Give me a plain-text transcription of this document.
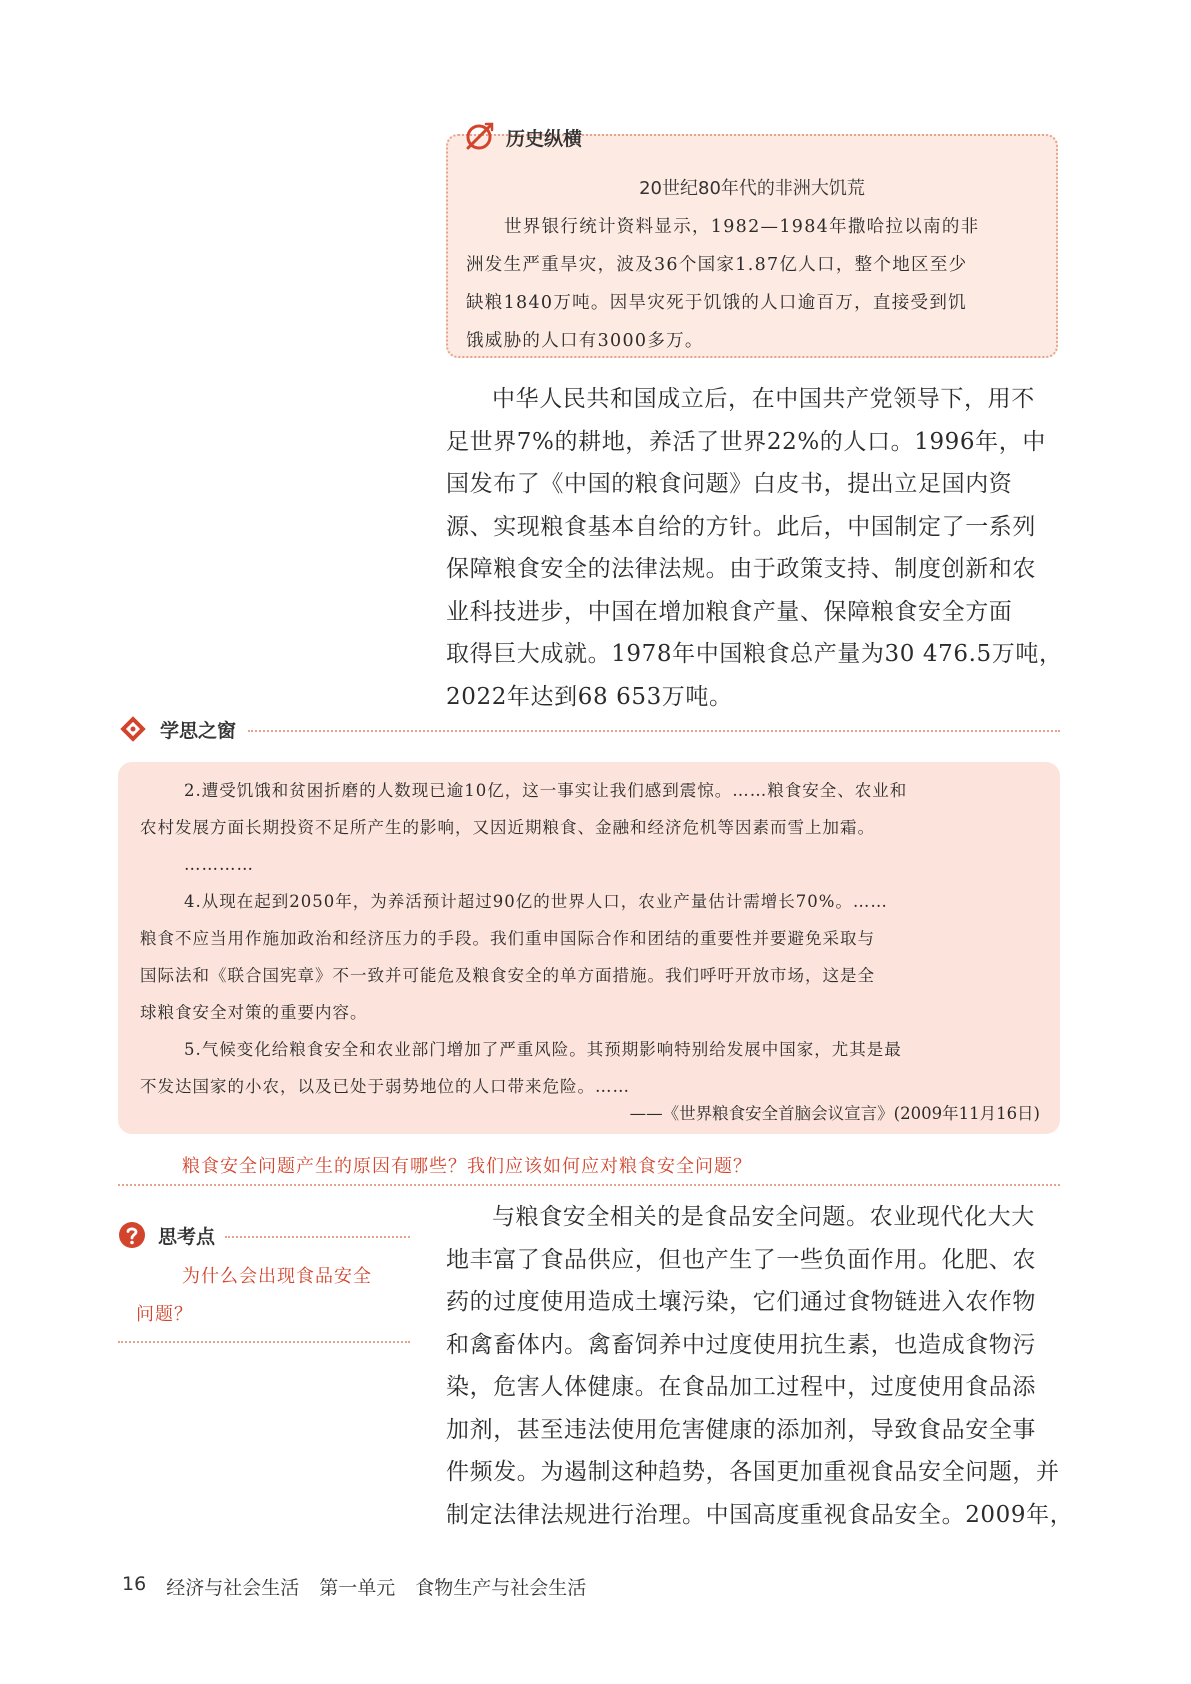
历史纵横
20世纪80年代的非洲大饥荒
世界银行统计资料显示，1982—1984年撒哈拉以南的非
洲发生严重旱灾，波及36个国家1.87亿人口，整个地区至少
缺粮1840万吨。因旱灾死于饥饿的人口逾百万，直接受到饥
饿威胁的人口有3000多万。
中华人民共和国成立后，在中国共产党领导下，用不
足世界7%的耕地，养活了世界22%的人口。1996年，中
国发布了《中国的粮食问题》白皮书，提出立足国内资
源、实现粮食基本自给的方针。此后，中国制定了一系列
保障粮食安全的法律法规。由于政策支持、制度创新和农
业科技进步，中国在增加粮食产量、保障粮食安全方面
取得巨大成就。1978年中国粮食总产量为30 476.5万吨，
2022年达到68 653万吨。
学思之窗
2.遭受饥饿和贫困折磨的人数现已逾10亿，这一事实让我们感到震惊。……粮食安全、农业和
农村发展方面长期投资不足所产生的影响，又因近期粮食、金融和经济危机等因素而雪上加霜。
…………
4.从现在起到2050年，为养活预计超过90亿的世界人口，农业产量估计需增长70%。……
粮食不应当用作施加政治和经济压力的手段。我们重申国际合作和团结的重要性并要避免采取与
国际法和《联合国宪章》不一致并可能危及粮食安全的单方面措施。我们呼吁开放市场，这是全
球粮食安全对策的重要内容。
5.气候变化给粮食安全和农业部门增加了严重风险。其预期影响特别给发展中国家，尤其是最
不发达国家的小农，以及已处于弱势地位的人口带来危险。……
——《世界粮食安全首脑会议宣言》(2009年11月16日)
粮食安全问题产生的原因有哪些？我们应该如何应对粮食安全问题？
思考点
为什么会出现食品安全
问题？
与粮食安全相关的是食品安全问题。农业现代化大大
地丰富了食品供应，但也产生了一些负面作用。化肥、农
药的过度使用造成土壤污染，它们通过食物链进入农作物
和禽畜体内。禽畜饲养中过度使用抗生素，也造成食物污
染，危害人体健康。在食品加工过程中，过度使用食品添
加剂，甚至违法使用危害健康的添加剂，导致食品安全事
件频发。为遏制这种趋势，各国更加重视食品安全问题，并
制定法律法规进行治理。中国高度重视食品安全。2009年，
16 经济与社会生活 第一单元 食物生产与社会生活
